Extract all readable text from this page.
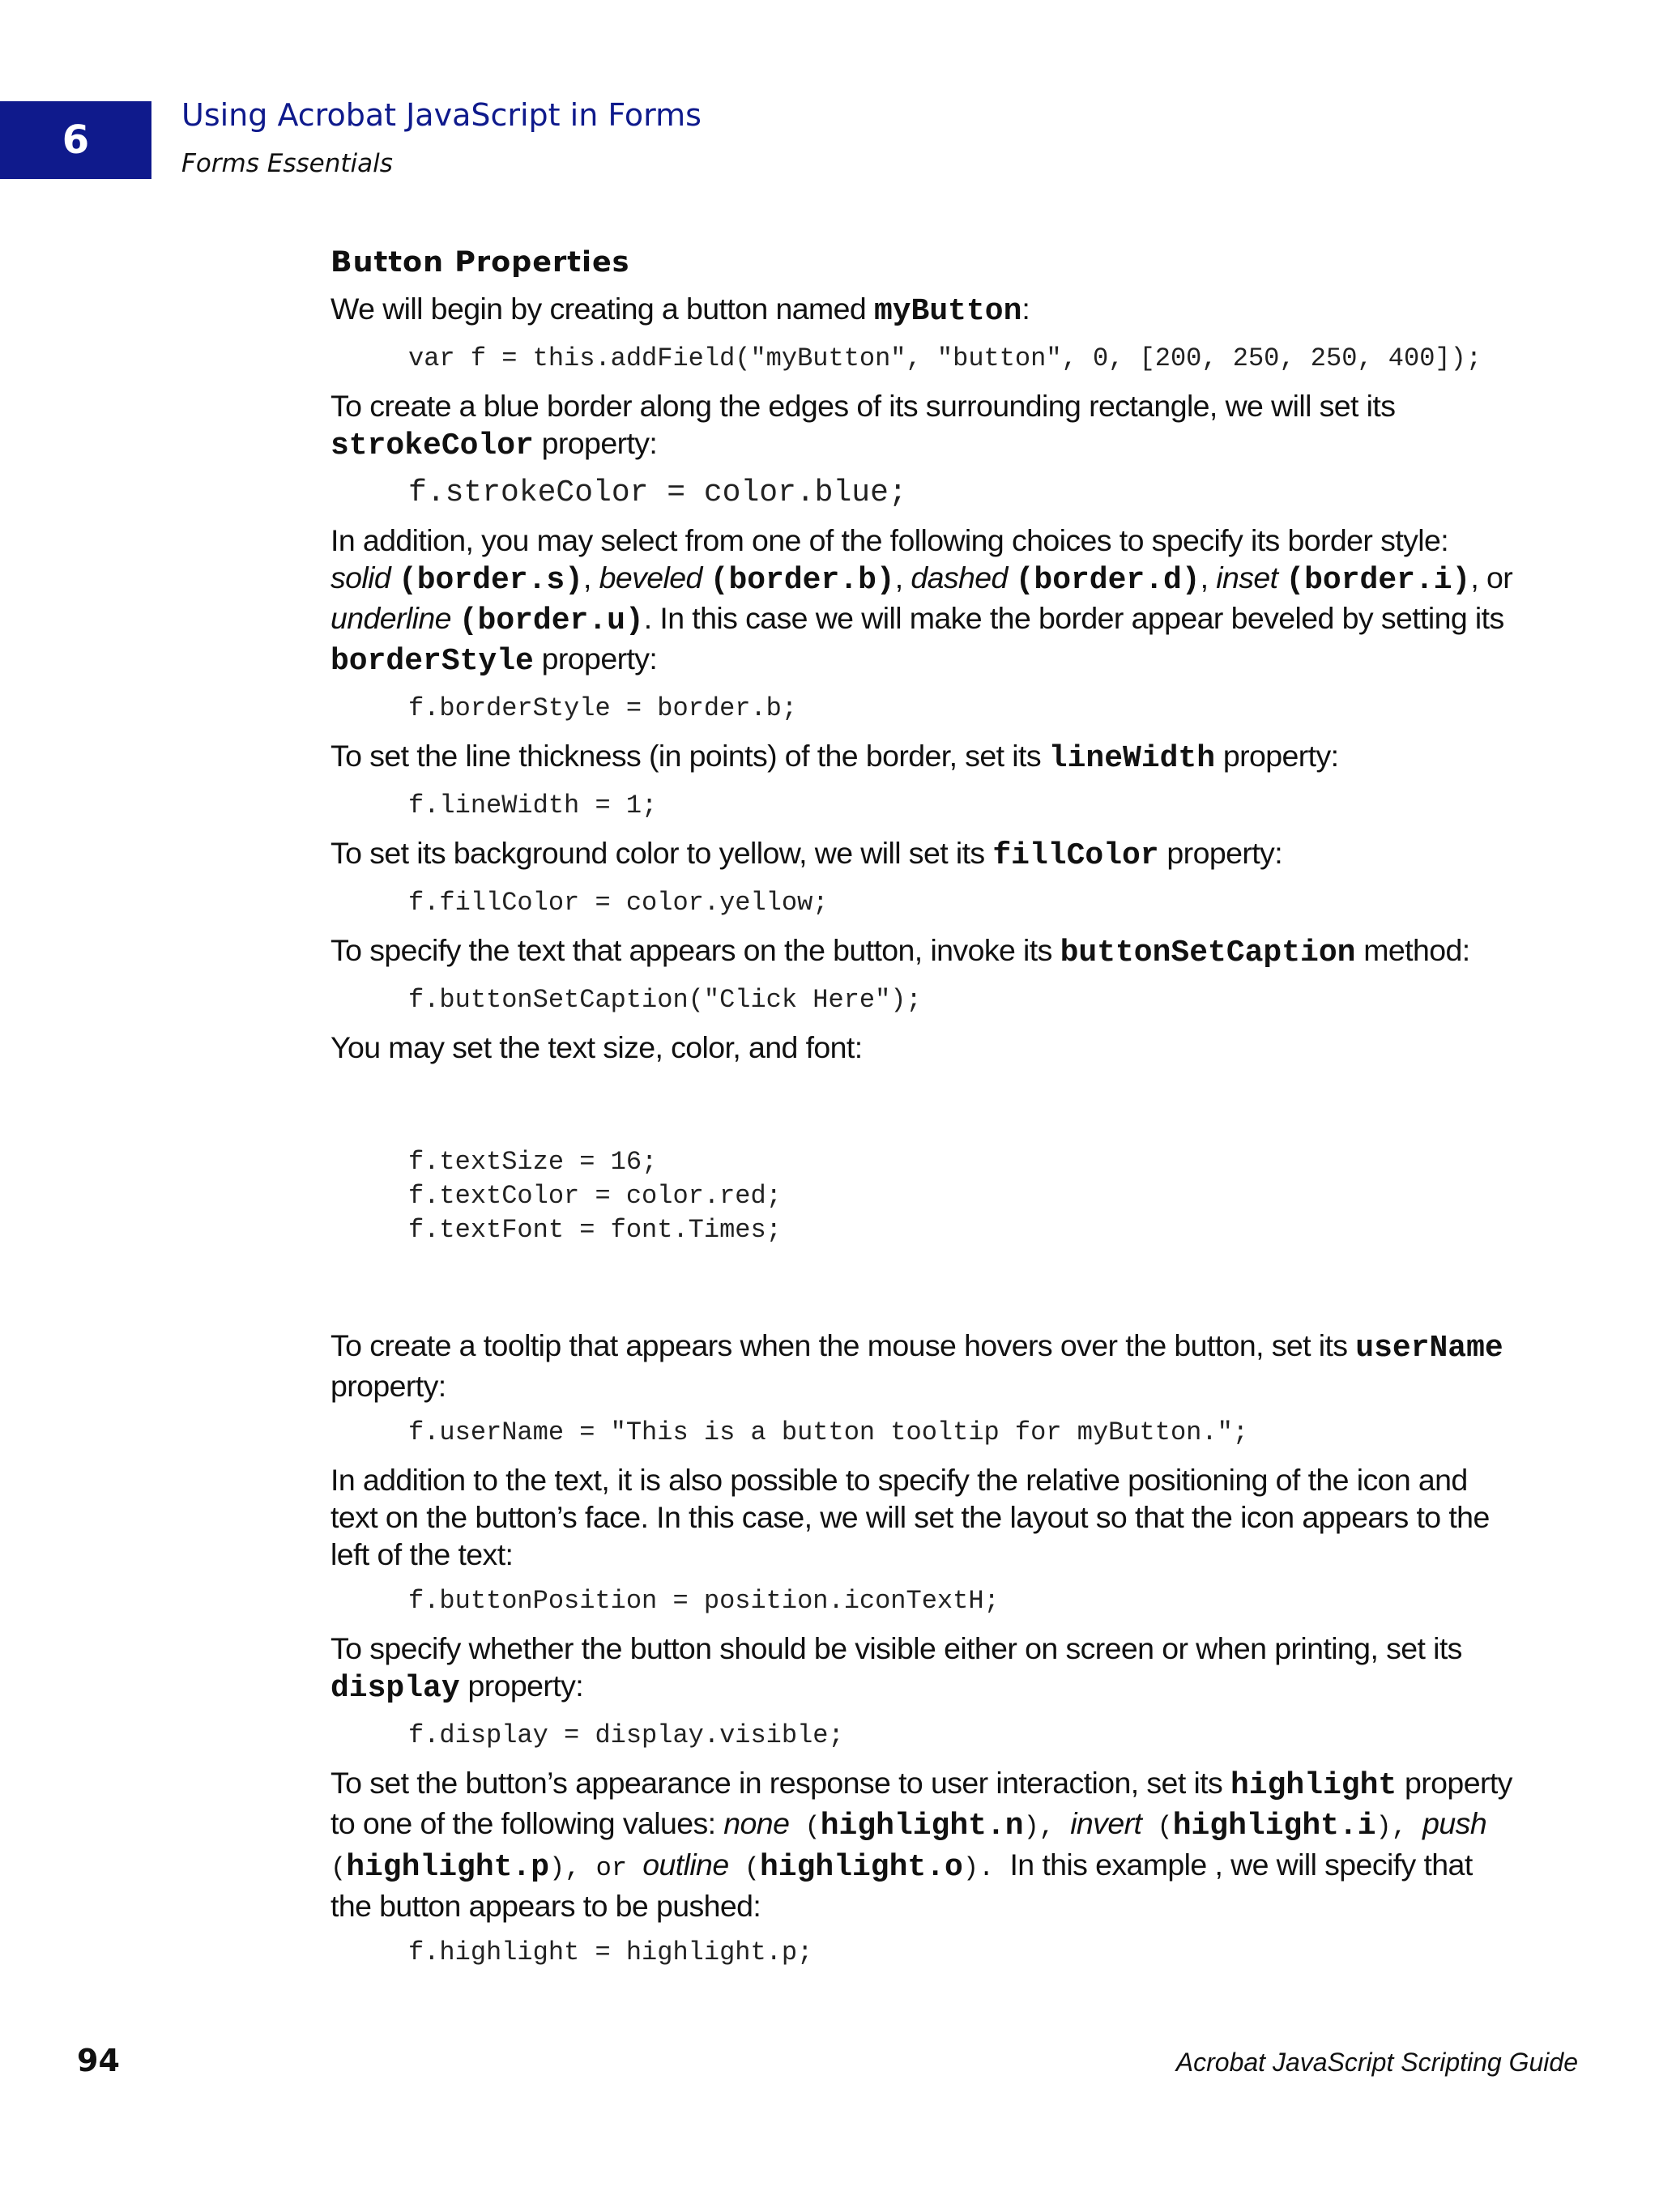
6
Using Acrobat JavaScript in Forms
Forms Essentials
Button Properties
We will begin by creating a button named myButton:
var f = this.addField("myButton", "button", 0, [200, 250, 250, 400]);
To create a blue border along the edges of its surrounding rectangle, we will set its strokeColor property:
f.strokeColor = color.blue;
In addition, you may select from one of the following choices to specify its border style: solid (border.s), beveled (border.b), dashed (border.d), inset (border.i), or underline (border.u). In this case we will make the border appear beveled by setting its borderStyle property:
f.borderStyle = border.b;
To set the line thickness (in points) of the border, set its lineWidth property:
f.lineWidth = 1;
To set its background color to yellow, we will set its fillColor property:
f.fillColor = color.yellow;
To specify the text that appears on the button, invoke its buttonSetCaption method:
f.buttonSetCaption("Click Here");
You may set the text size, color, and font:

f.textSize = 16;
f.textColor = color.red;
f.textFont = font.Times;

To create a tooltip that appears when the mouse hovers over the button, set its userName property:
f.userName = "This is a button tooltip for myButton.";
In addition to the text, it is also possible to specify the relative positioning of the icon and text on the button’s face. In this case, we will set the layout so that the icon appears to the left of the text:
f.buttonPosition = position.iconTextH;
To specify whether the button should be visible either on screen or when printing, set its display property:
f.display = display.visible;
To set the button’s appearance in response to user interaction, set its highlight property to one of the following values: none (highlight.n), invert (highlight.i), push (highlight.p), or outline (highlight.o). In this example , we will specify that the button appears to be pushed:
f.highlight = highlight.p;
94	Acrobat JavaScript Scripting Guide
